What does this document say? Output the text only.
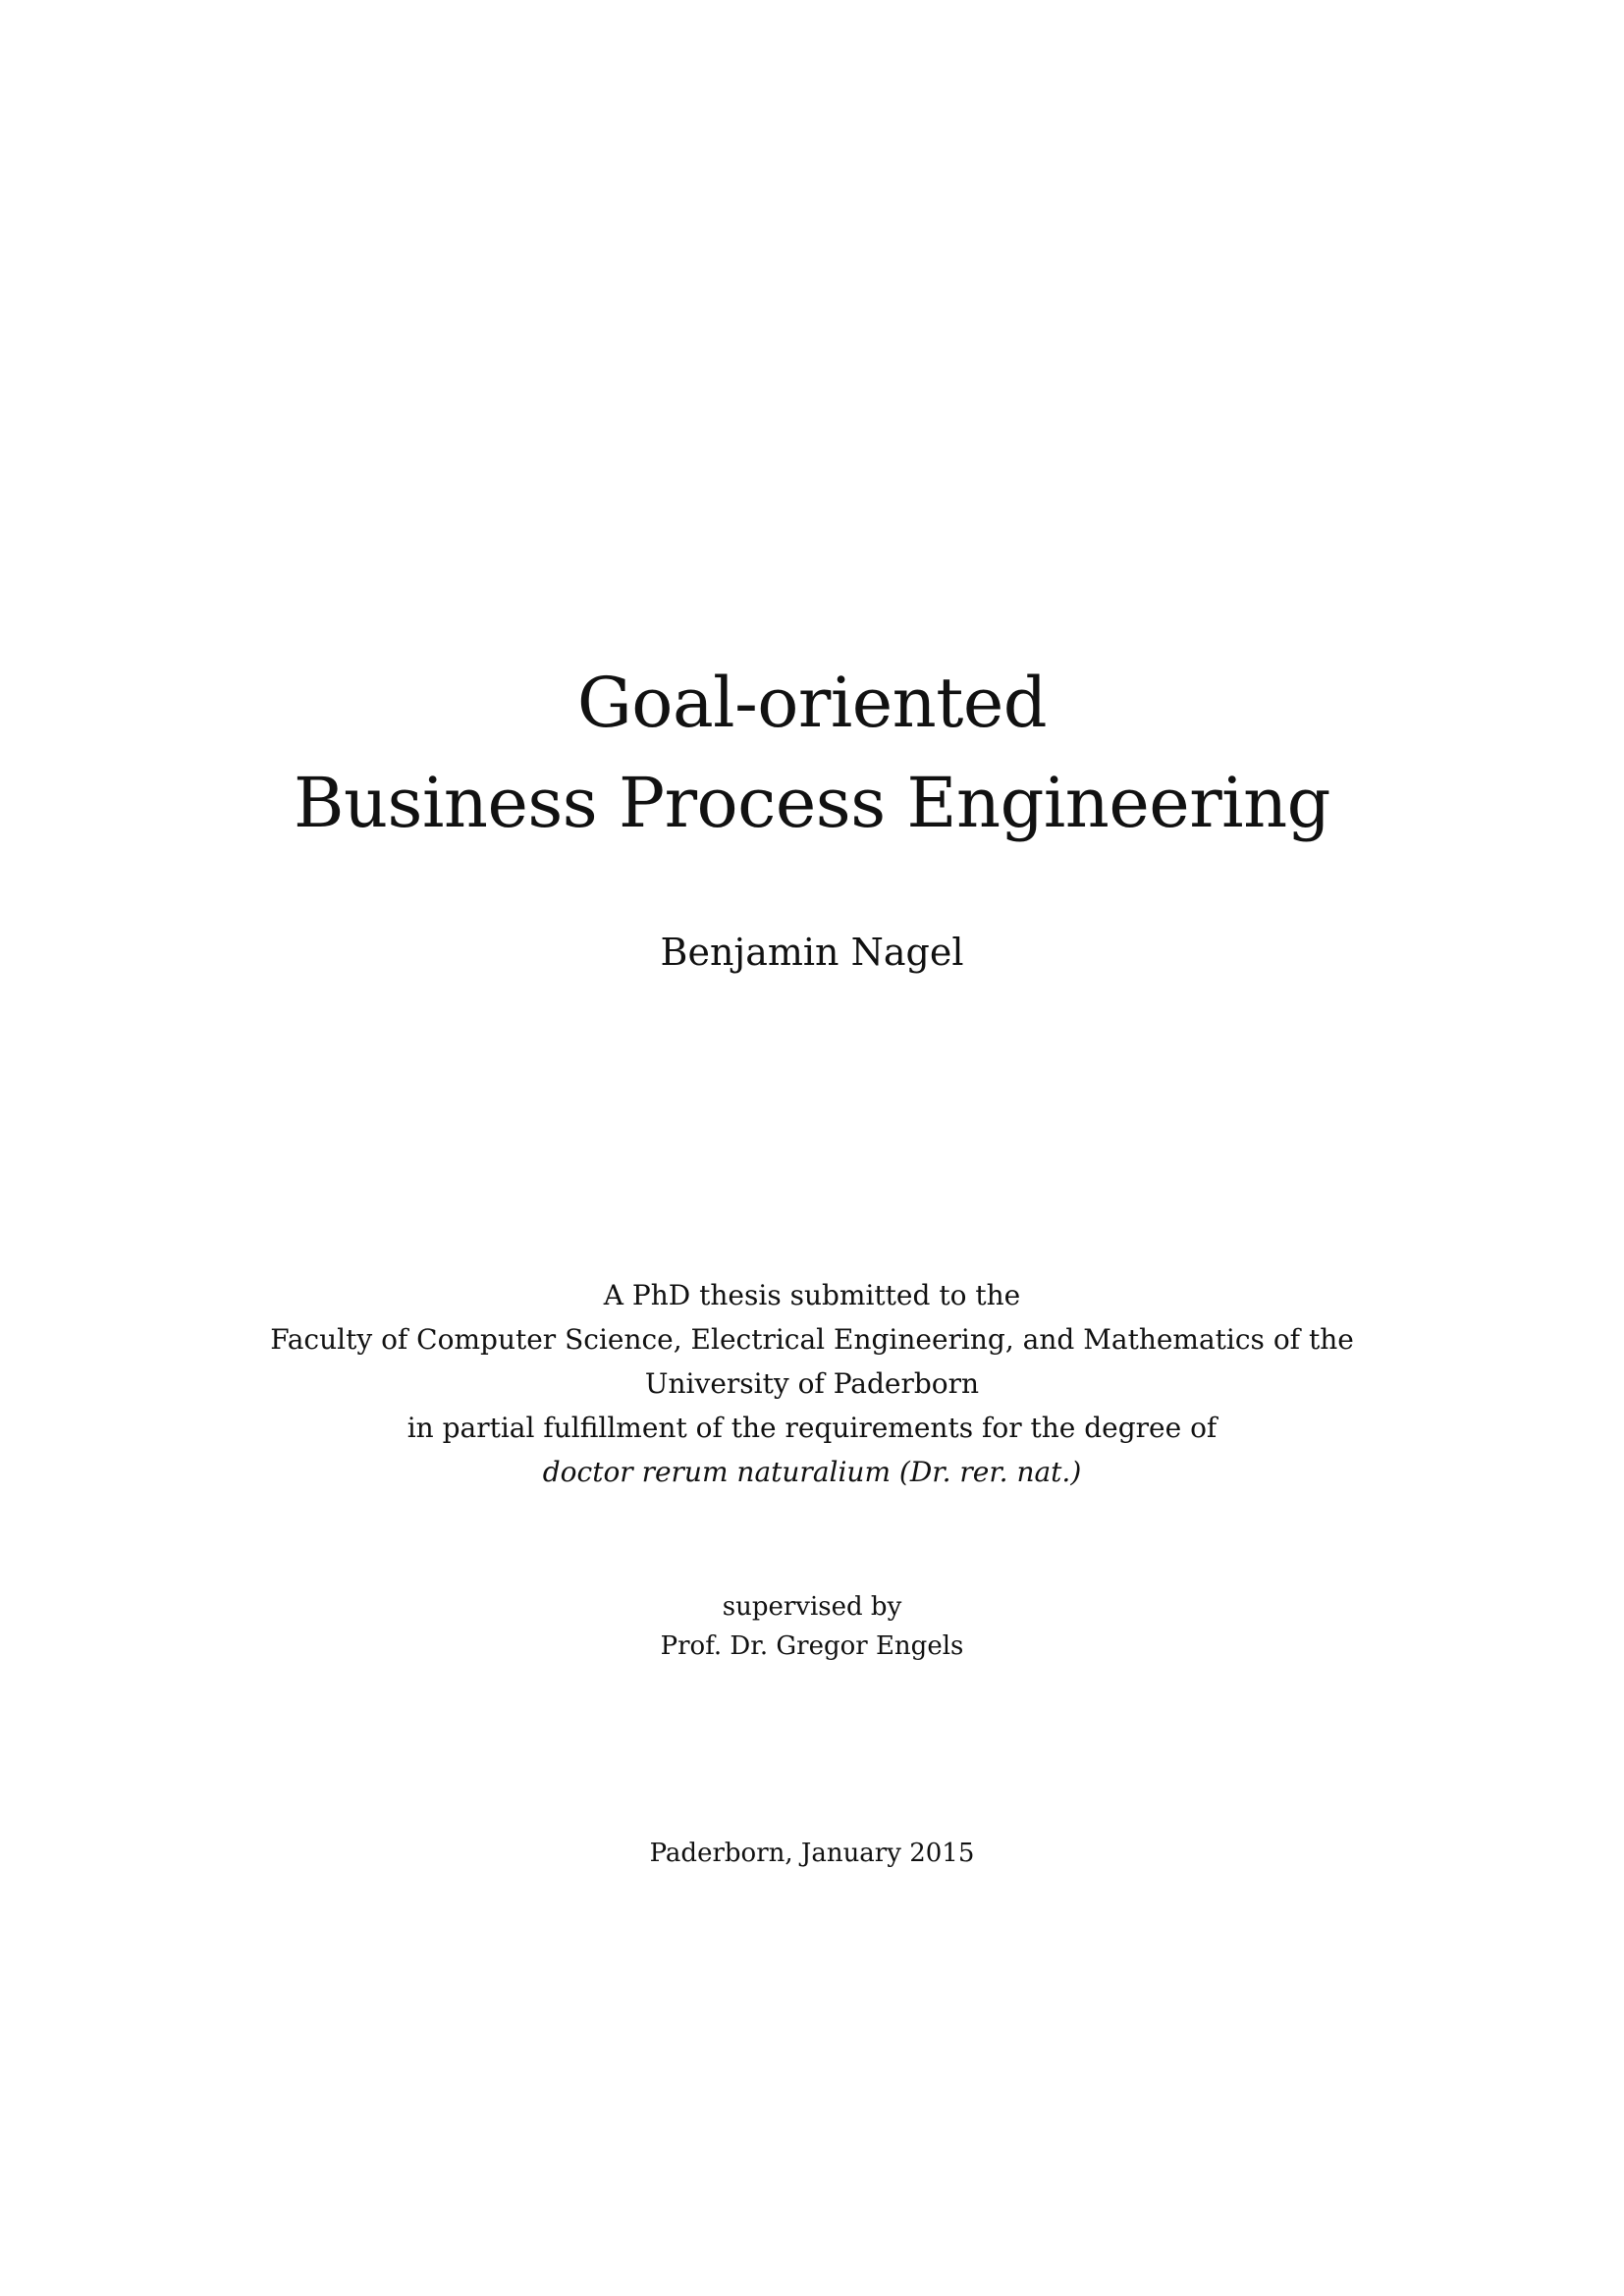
Goal-oriented
Business Process Engineering
Benjamin Nagel
A PhD thesis submitted to the
Faculty of Computer Science, Electrical Engineering, and Mathematics of the
University of Paderborn
in partial fulfillment of the requirements for the degree of
doctor rerum naturalium (Dr. rer. nat.)
supervised by
Prof. Dr. Gregor Engels
Paderborn, January 2015
